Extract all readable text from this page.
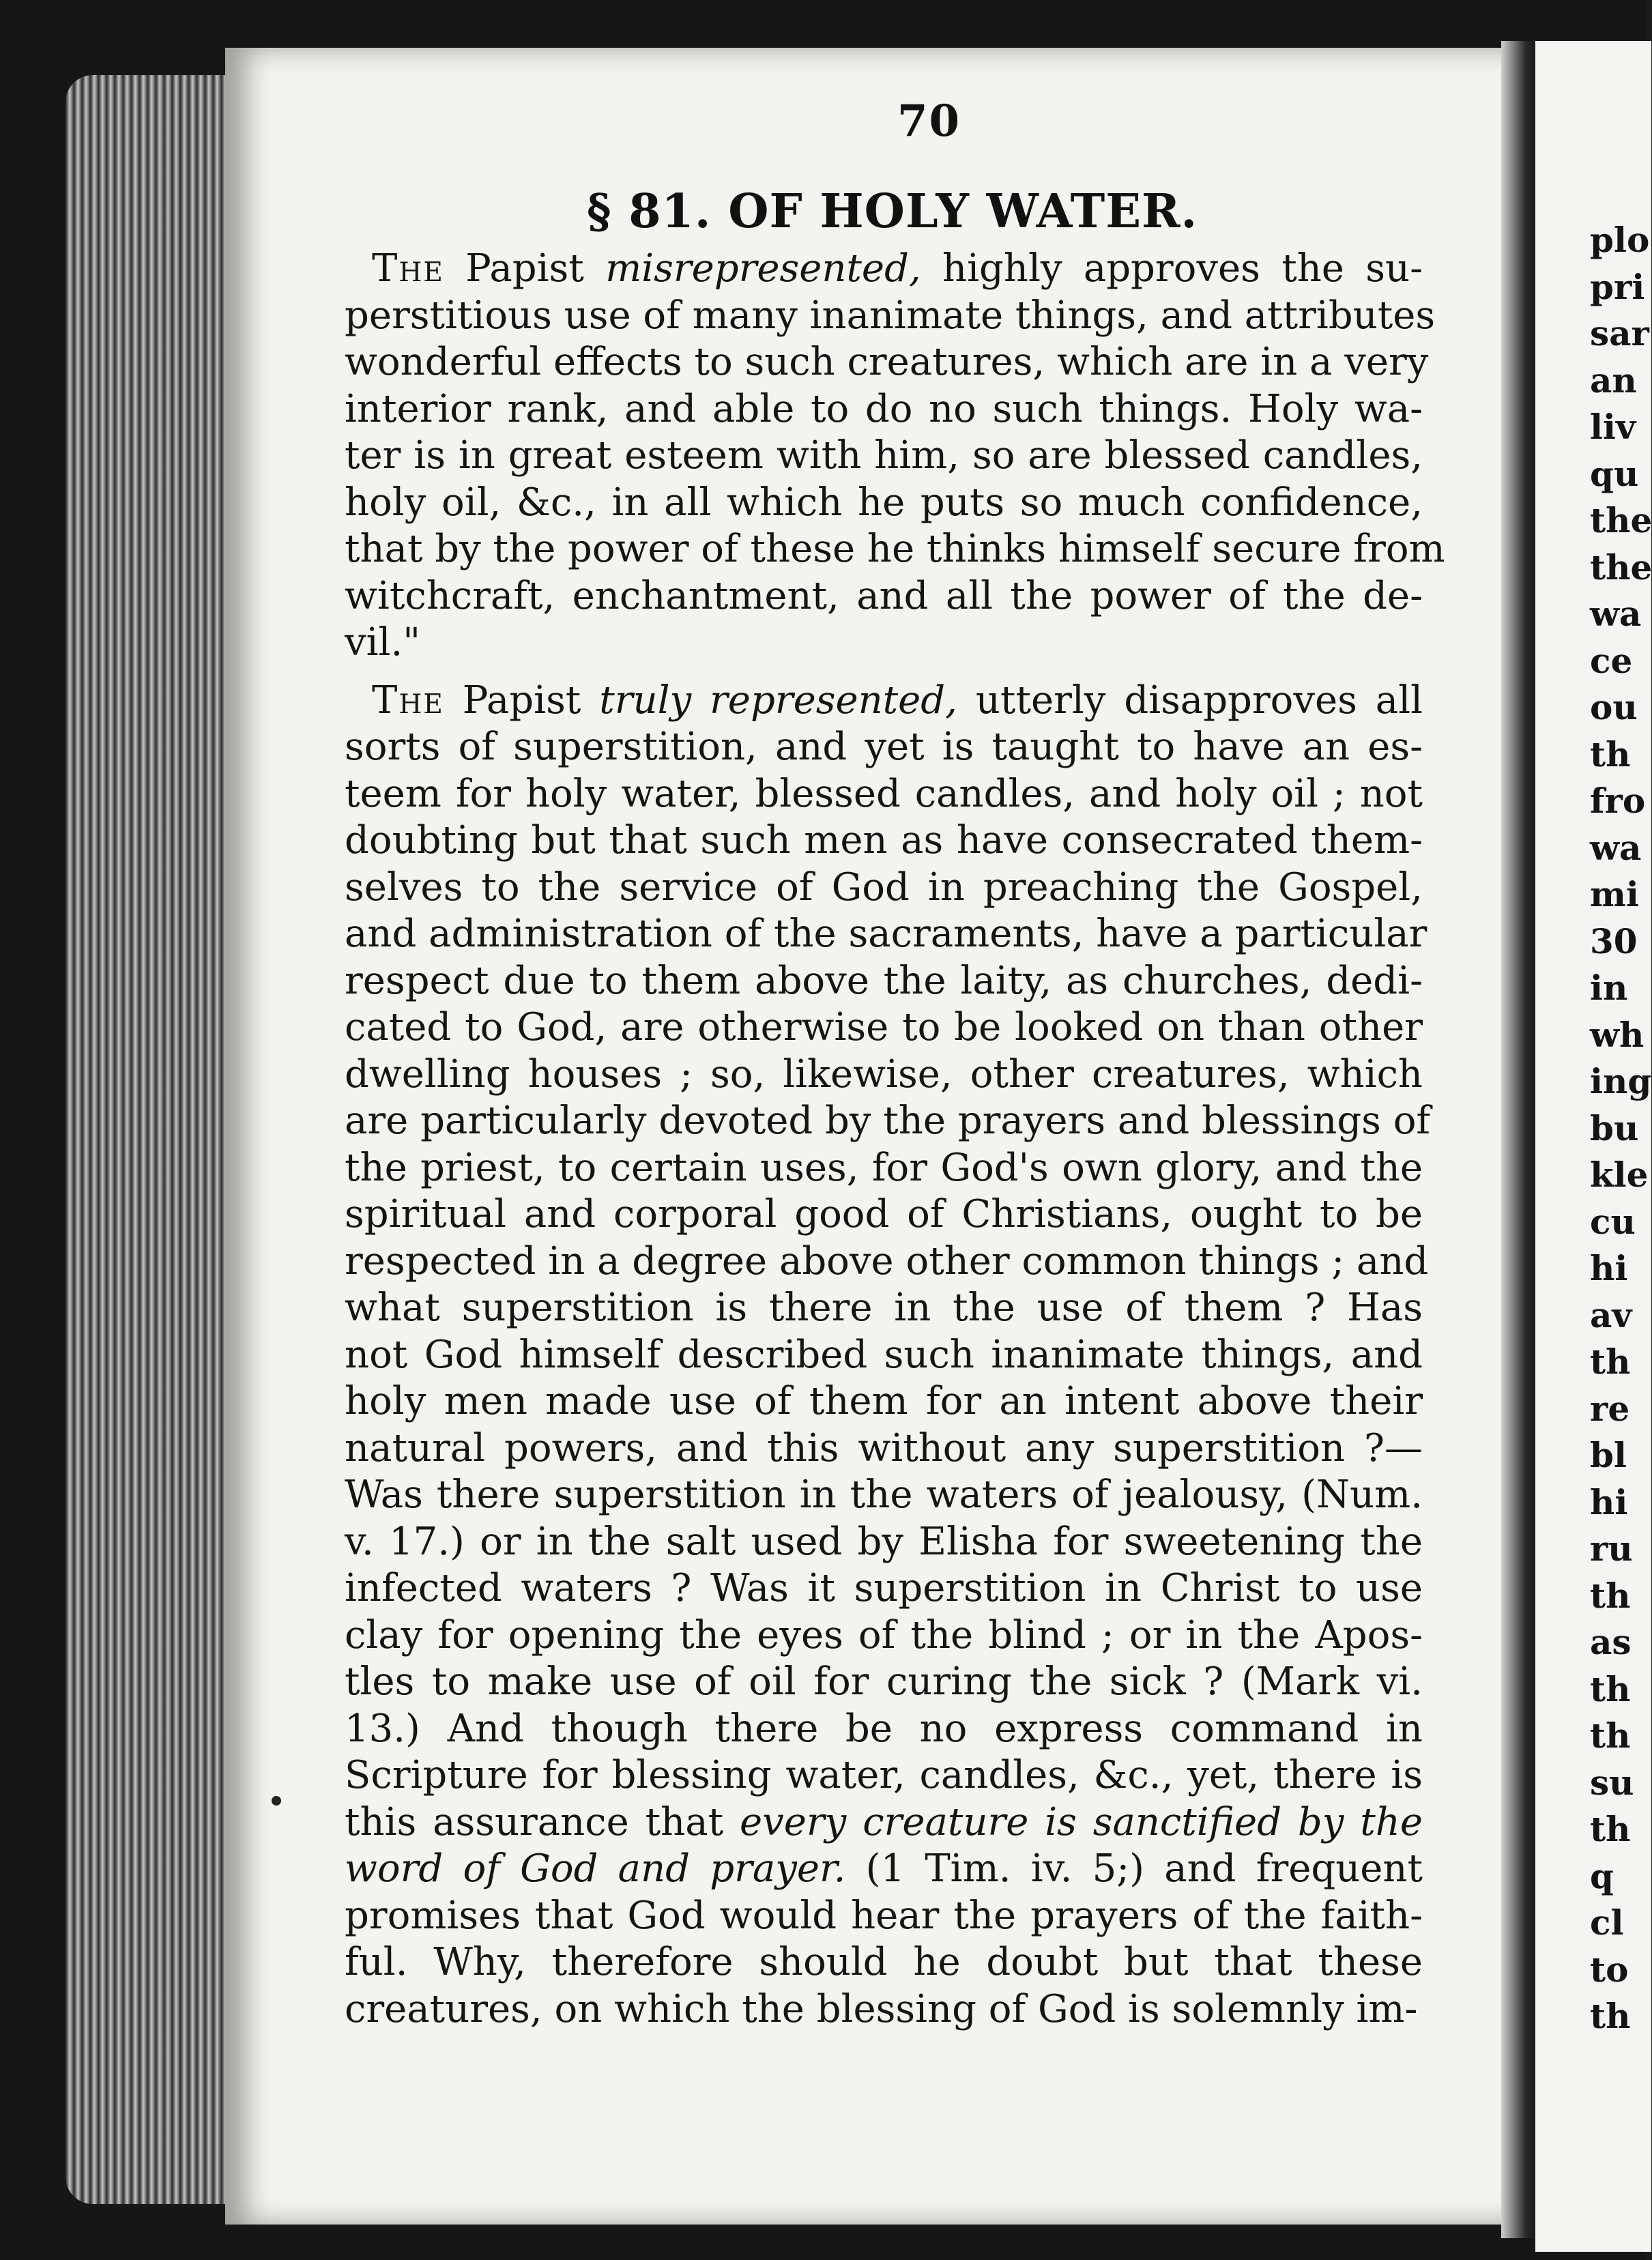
70
§ 81. OF HOLY WATER.
The Papist misrepresented, highly approves the su-
perstitious use of many inanimate things, and attributes
wonderful effects to such creatures, which are in a very
interior rank, and able to do no such things. Holy wa-
ter is in great esteem with him, so are blessed candles,
holy oil, &c., in all which he puts so much confidence,
that by the power of these he thinks himself secure from
witchcraft, enchantment, and all the power of the de-
vil."
The Papist truly represented, utterly disapproves all
sorts of superstition, and yet is taught to have an es-
teem for holy water, blessed candles, and holy oil ; not
doubting but that such men as have consecrated them-
selves to the service of God in preaching the Gospel,
and administration of the sacraments, have a particular
respect due to them above the laity, as churches, dedi-
cated to God, are otherwise to be looked on than other
dwelling houses ; so, likewise, other creatures, which
are particularly devoted by the prayers and blessings of
the priest, to certain uses, for God's own glory, and the
spiritual and corporal good of Christians, ought to be
respected in a degree above other common things ; and
what superstition is there in the use of them ? Has
not God himself described such inanimate things, and
holy men made use of them for an intent above their
natural powers, and this without any superstition ?—
Was there superstition in the waters of jealousy, (Num.
v. 17.) or in the salt used by Elisha for sweetening the
infected waters ? Was it superstition in Christ to use
clay for opening the eyes of the blind ; or in the Apos-
tles to make use of oil for curing the sick ? (Mark vi.
13.) And though there be no express command in
Scripture for blessing water, candles, &c., yet, there is
this assurance that every creature is sanctified by the
word of God and prayer. (1 Tim. iv. 5;) and frequent
promises that God would hear the prayers of the faith-
ful. Why, therefore should he doubt but that these
creatures, on which the blessing of God is solemnly im-
plo
pri
sar
an
liv
qu
the
the
wa
ce
ou
th
fro
wa
mi
30
in
wh
ing
bu
kle
cu
hi
av
th
re
bl
hi
ru
th
as
th
th
su
th
q
cl
to
th
